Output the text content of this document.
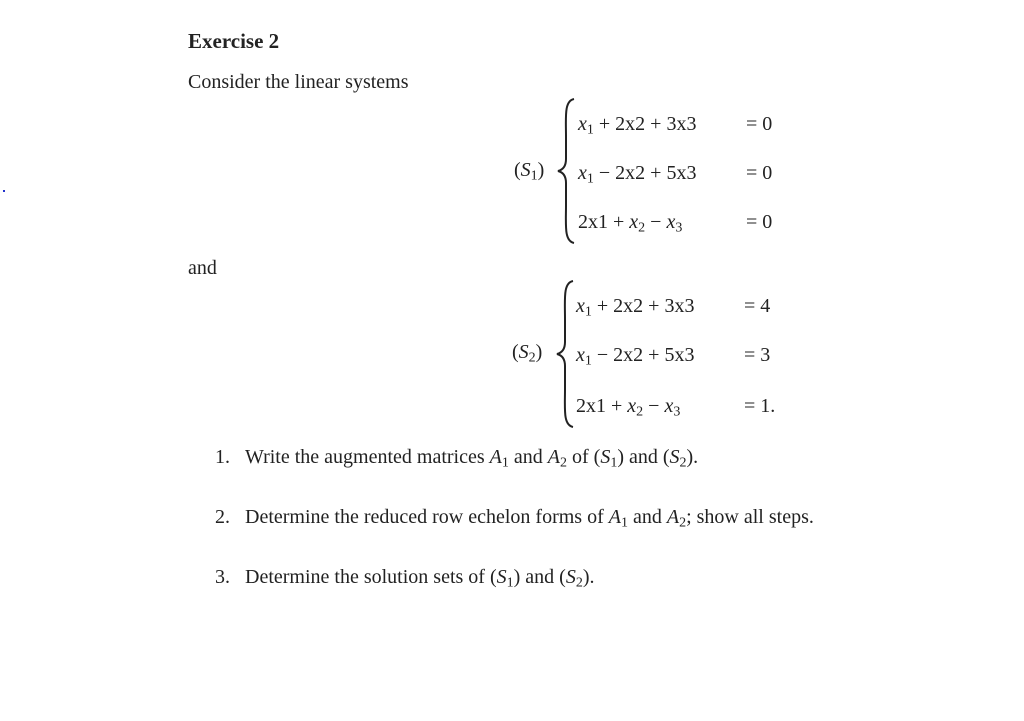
Exercise 2
Consider the linear systems
$(S_1)$
$x_1 + 2x2 + 3x3 = 0$
$x_1 - 2x2 + 5x3 = 0$
$2x1 + x_2 - x_3$	= 0
and
$(S_2)$
$x_1 + 2x2 + 3x3 = 4$
$x_1 - 2x2 + 5x3 = 3$
$2x1 + x_2 - x_3$	= 1.
1. Write the augmented matrices $A_1$ and $A_2$ of $(S_1)$ and $(S_2)$.
2. Determine the reduced row echelon forms of $A_1$ and $A_2$; show all steps.
3. Determine the solution sets of $(S_1)$ and $(S_2)$.
